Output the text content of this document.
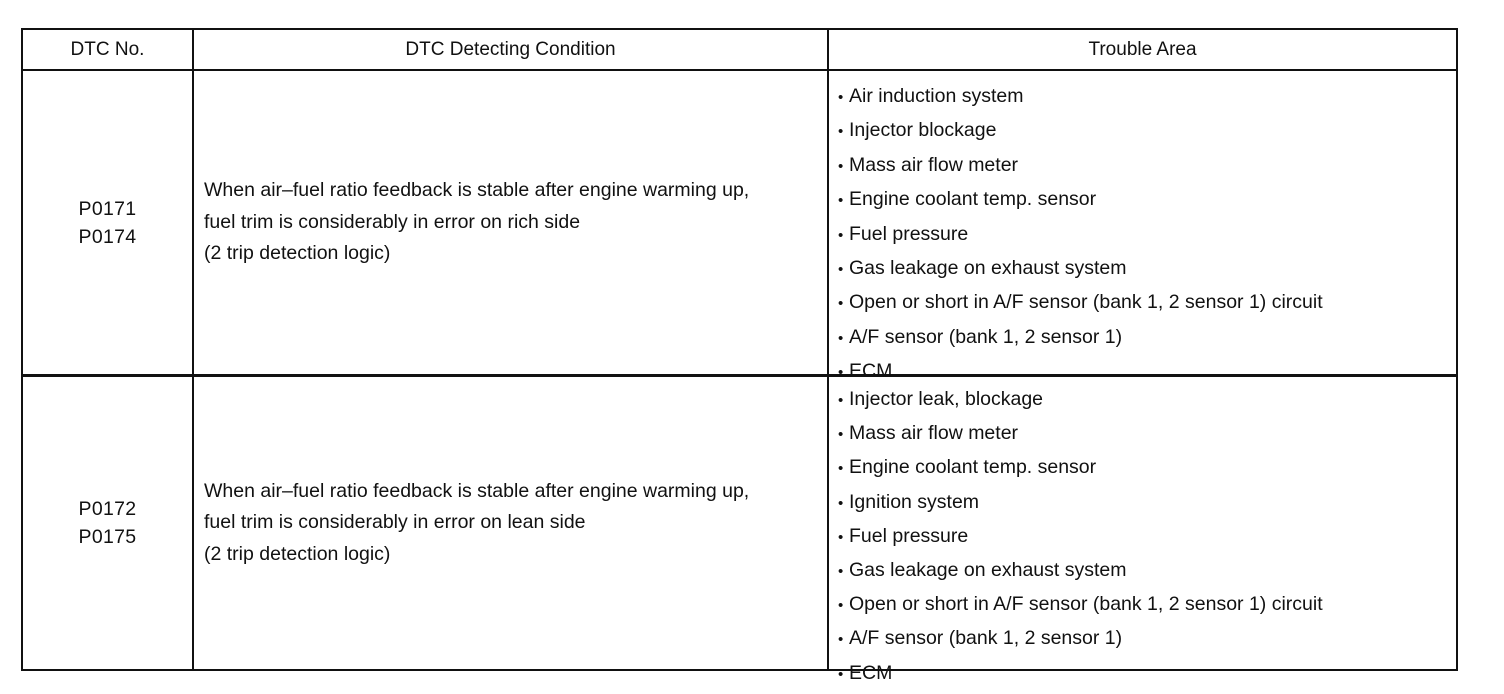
DTC No.	DTC Detecting Condition	Trouble Area
P0171
P0174
When air–fuel ratio feedback is stable after engine warming up,
fuel trim is considerably in error on rich side
(2 trip detection logic)
• Air induction system
• Injector blockage
• Mass air flow meter
• Engine coolant temp. sensor
• Fuel pressure
• Gas leakage on exhaust system
• Open or short in A/F sensor (bank 1, 2 sensor 1) circuit
• A/F sensor (bank 1, 2 sensor 1)
• ECM
P0172
P0175
When air–fuel ratio feedback is stable after engine warming up,
fuel trim is considerably in error on lean side
(2 trip detection logic)
• Injector leak, blockage
• Mass air flow meter
• Engine coolant temp. sensor
• Ignition system
• Fuel pressure
• Gas leakage on exhaust system
• Open or short in A/F sensor (bank 1, 2 sensor 1) circuit
• A/F sensor (bank 1, 2 sensor 1)
• ECM
